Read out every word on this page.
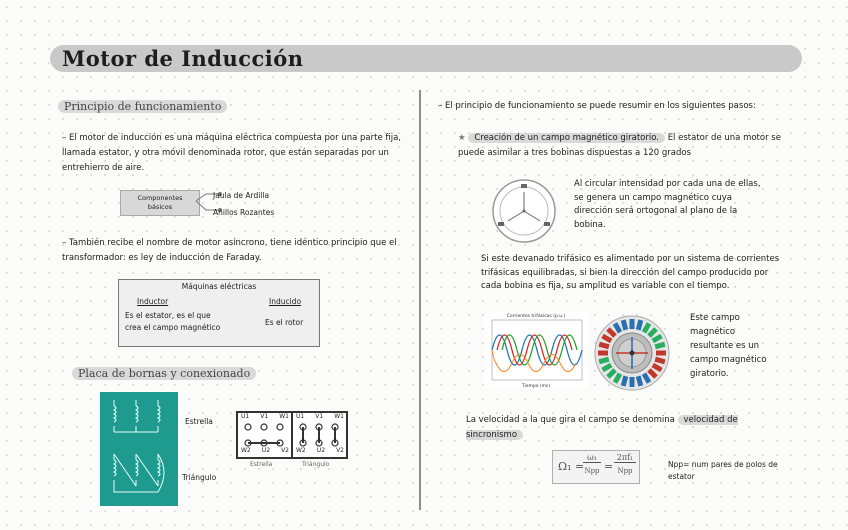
Motor de Inducción
Principio de funcionamiento
– El motor de inducción es una máquina eléctrica compuesta por una parte fija, llamada estator, y otra móvil denominada rotor, que están separadas por un entrehierro de aire.
Componentes básicos
Jaula de Ardilla
Anillos Rozantes
– También recibe el nombre de motor asíncrono, tiene idéntico principio que el transformador: es ley de inducción de Faraday.
Máquinas eléctricas
Inductor
Es el estator, es el que crea el campo magnético
Inducido
Es el rotor
Placa de bornas y conexionado
Estrella
Triángulo
U1 V1 W1
W2 U2 V2
U1 V1 W1
W2 U2 V2
Estrella	Triángulo
– El principio de funcionamiento se puede resumir en los siguientes pasos:
★ Creación de un campo magnético giratorio. El estator de una motor se puede asimilar a tres bobinas dispuestas a 120 grados
Al circular intensidad por cada una de ellas, se genera un campo magnético cuya dirección será ortogonal al plano de la bobina.
Si este devanado trifásico es alimentado por un sistema de corrientes trifásicas equilibradas, si bien la dirección del campo producido por cada bobina es fija, su amplitud es variable con el tiempo.
Corrientes trifásicas (p.u.)
Tiempo (ms)
Este campo magnético resultante es un campo magnético giratorio.
La velocidad a la que gira el campo se denomina velocidad de sincronismo
Ω₁ =
ω₁
Npp =
2πf₁
Npp
Npp= num pares de polos de estator
